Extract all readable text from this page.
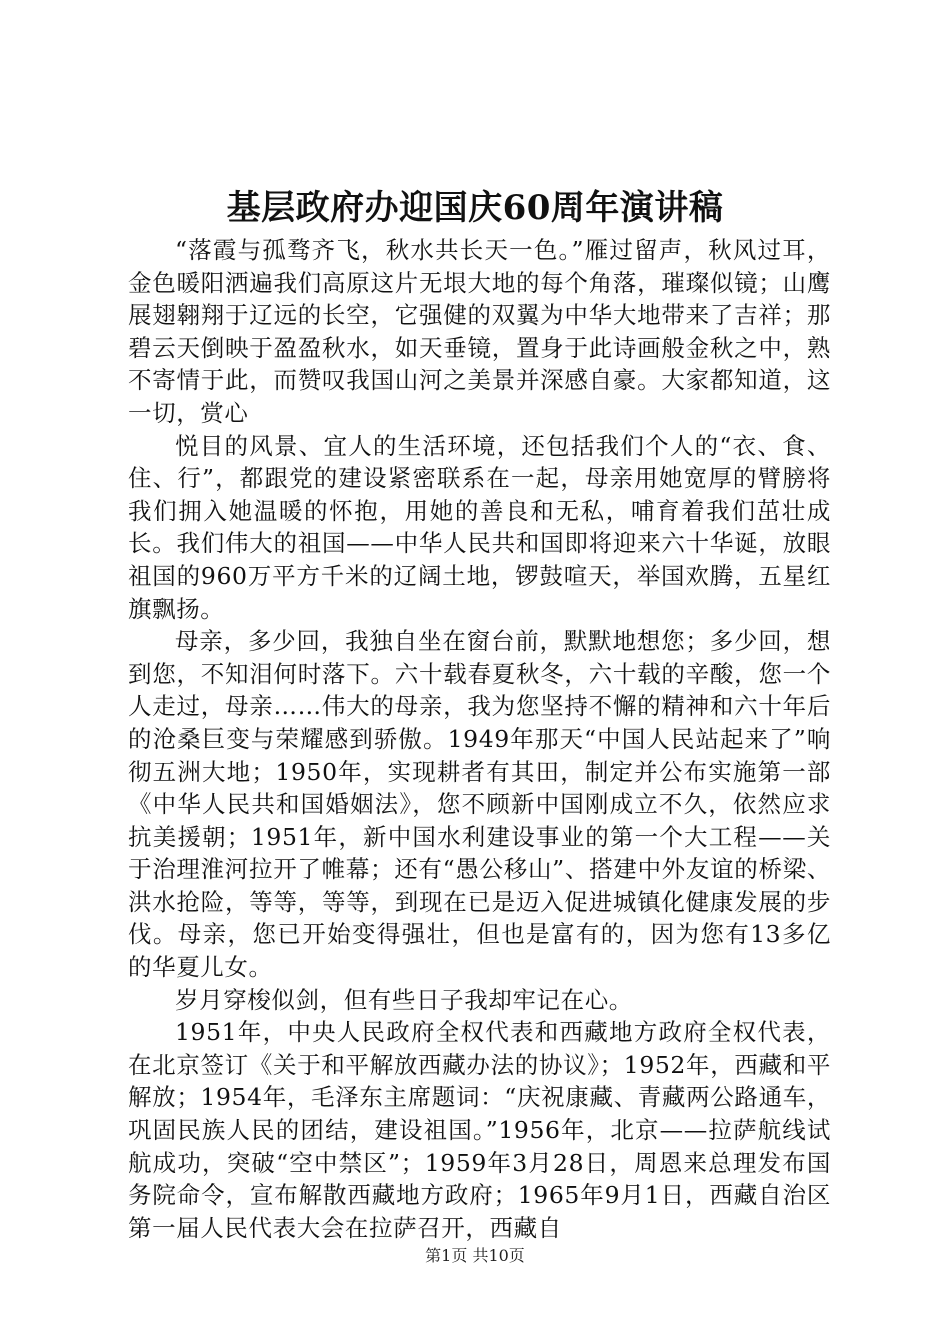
基层政府办迎国庆60周年演讲稿

“落霞与孤骛齐飞，秋水共长天一色。”雁过留声，秋风过耳，金色暖阳洒遍我们高原这片无垠大地的每个角落，璀璨似镜；山鹰展翅翱翔于辽远的长空，它强健的双翼为中华大地带来了吉祥；那碧云天倒映于盈盈秋水，如天垂镜，置身于此诗画般金秋之中，熟不寄情于此，而赞叹我国山河之美景并深感自豪。大家都知道，这一切，赏心

悦目的风景、宜人的生活环境，还包括我们个人的“衣、食、住、行”，都跟党的建设紧密联系在一起，母亲用她宽厚的臂膀将我们拥入她温暖的怀抱，用她的善良和无私，哺育着我们茁壮成长。我们伟大的祖国——中华人民共和国即将迎来六十华诞，放眼祖国的960万平方千米的辽阔土地，锣鼓喧天，举国欢腾，五星红旗飘扬。

母亲，多少回，我独自坐在窗台前，默默地想您；多少回，想到您，不知泪何时落下。六十载春夏秋冬，六十载的辛酸，您一个人走过，母亲……伟大的母亲，我为您坚持不懈的精神和六十年后的沧桑巨变与荣耀感到骄傲。1949年那天“中国人民站起来了”响彻五洲大地；1950年，实现耕者有其田，制定并公布实施第一部《中华人民共和国婚姻法》，您不顾新中国刚成立不久，依然应求抗美援朝；1951年，新中国水利建设事业的第一个大工程——关于治理淮河拉开了帷幕；还有“愚公移山”、搭建中外友谊的桥梁、洪水抢险，等等，等等，到现在已是迈入促进城镇化健康发展的步伐。母亲，您已开始变得强壮，但也是富有的，因为您有13多亿的华夏儿女。

岁月穿梭似剑，但有些日子我却牢记在心。

1951年，中央人民政府全权代表和西藏地方政府全权代表，在北京签订《关于和平解放西藏办法的协议》；1952年，西藏和平解放；1954年，毛泽东主席题词：“庆祝康藏、青藏两公路通车，巩固民族人民的团结，建设祖国。”1956年，北京——拉萨航线试航成功，突破“空中禁区”；1959年3月28日，周恩来总理发布国务院命令，宣布解散西藏地方政府；1965年9月1日，西藏自治区第一届人民代表大会在拉萨召开，西藏自

第1页 共10页
